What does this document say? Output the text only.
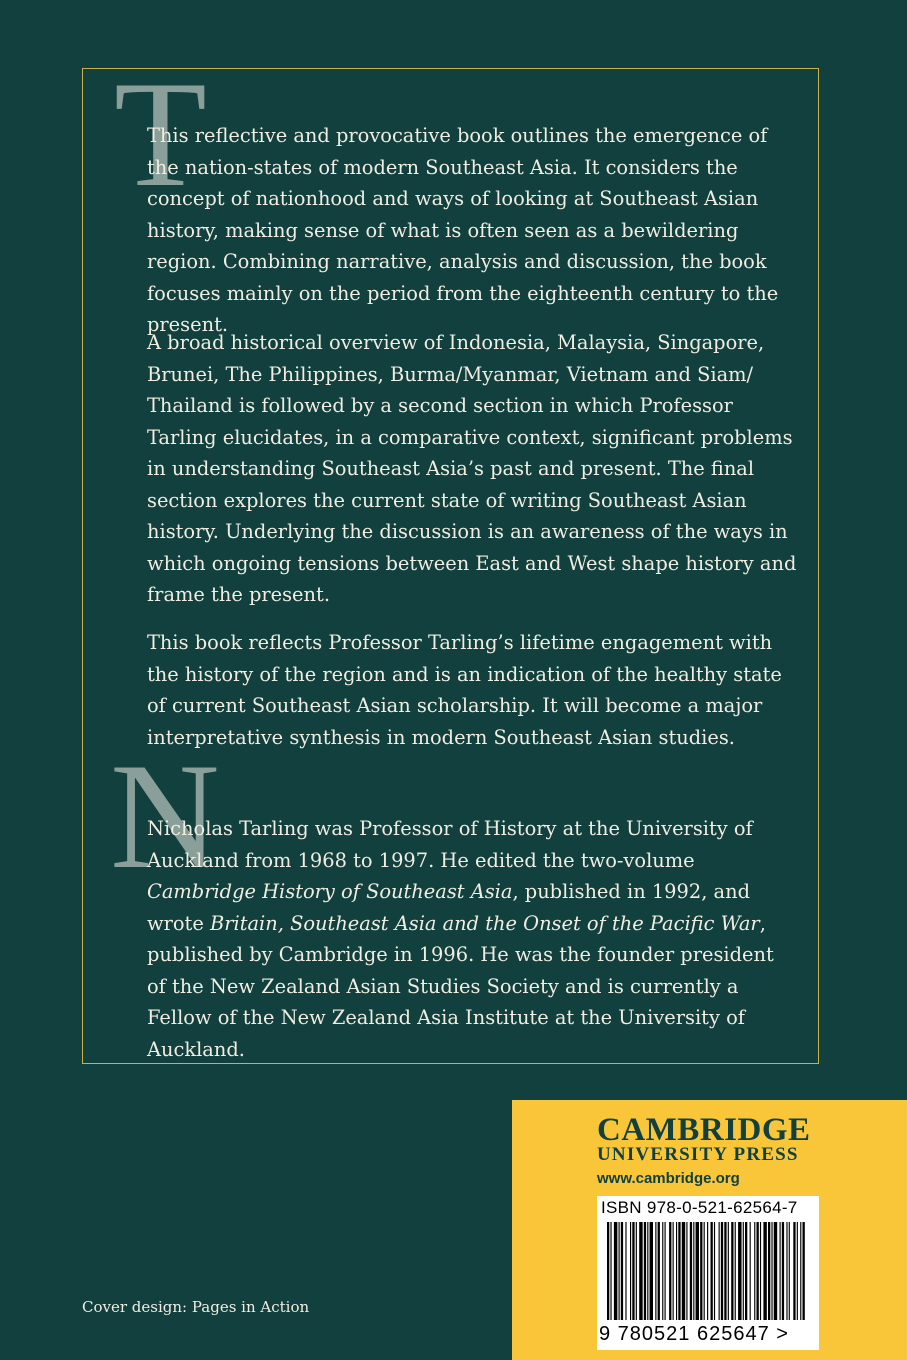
T

This reflective and provocative book outlines the emergence of the nation-states of modern Southeast Asia. It considers the concept of nationhood and ways of looking at Southeast Asian history, making sense of what is often seen as a bewildering region. Combining narrative, analysis and discussion, the book focuses mainly on the period from the eighteenth century to the present.

A broad historical overview of Indonesia, Malaysia, Singapore, Brunei, The Philippines, Burma/Myanmar, Vietnam and Siam/ Thailand is followed by a second section in which Professor Tarling elucidates, in a comparative context, significant problems in understanding Southeast Asia’s past and present. The final section explores the current state of writing Southeast Asian history. Underlying the discussion is an awareness of the ways in which ongoing tensions between East and West shape history and frame the present.

This book reflects Professor Tarling’s lifetime engagement with the history of the region and is an indication of the healthy state of current Southeast Asian scholarship. It will become a major interpretative synthesis in modern Southeast Asian studies.

N

Nicholas Tarling was Professor of History at the University of Auckland from 1968 to 1997. He edited the two-volume Cambridge History of Southeast Asia, published in 1992, and wrote Britain, Southeast Asia and the Onset of the Pacific War, published by Cambridge in 1996. He was the founder president of the New Zealand Asian Studies Society and is currently a Fellow of the New Zealand Asia Institute at the University of Auckland.

Cover design: Pages in Action
CAMBRIDGE
UNIVERSITY PRESS
www.cambridge.org
ISBN 978-0-521-62564-7
9 780521 625647 >
